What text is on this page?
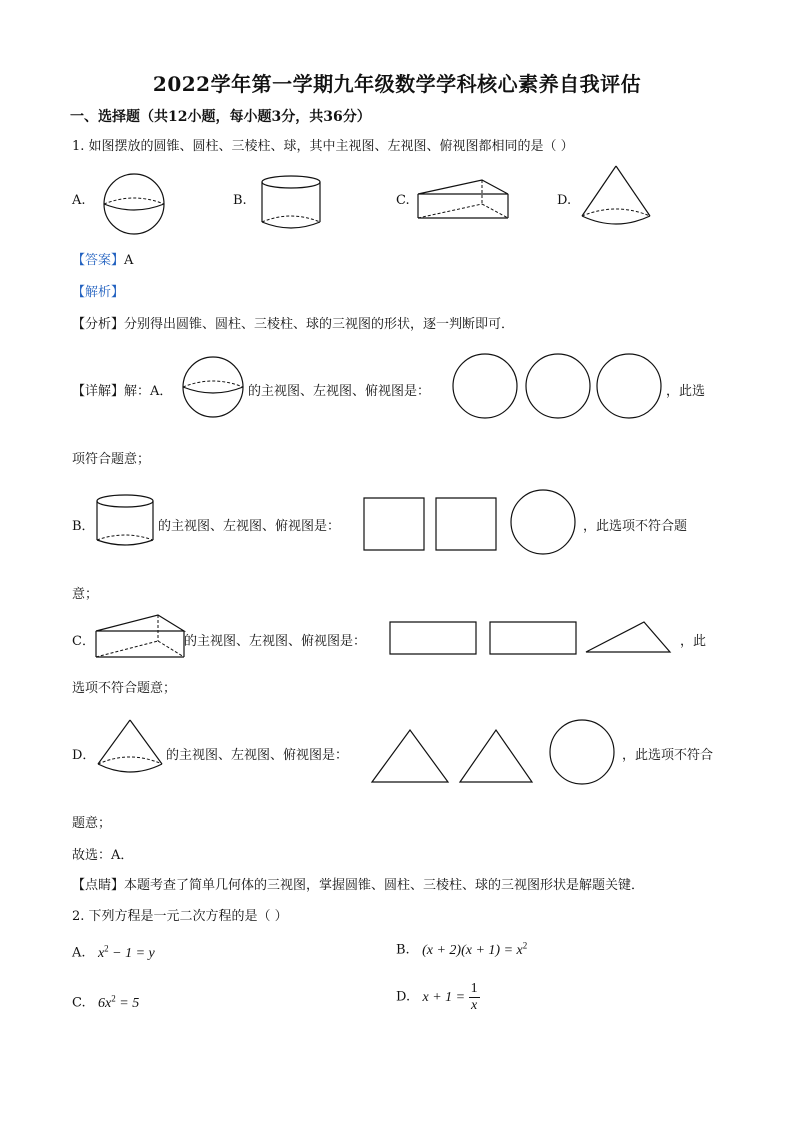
2022学年第一学期九年级数学学科核心素养自我评估
一、选择题（共12小题，每小题3分，共36分）
1. 如图摆放的圆锥、圆柱、三棱柱、球，其中主视图、左视图、俯视图都相同的是（ ）
A.	B.	C.	D.
【答案】A
【解析】
【分析】分别得出圆锥、圆柱、三棱柱、球的三视图的形状，逐一判断即可．
【详解】解：A．	的主视图、左视图、俯视图是：	，此选
项符合题意；
B．	的主视图、左视图、俯视图是：	，此选项不符合题
意；
C．	的主视图、左视图、俯视图是：	，此
选项不符合题意；
D．	的主视图、左视图、俯视图是：	，此选项不符合
题意；
故选：A．
【点睛】本题考查了简单几何体的三视图，掌握圆锥、圆柱、三棱柱、球的三视图形状是解题关键．
2. 下列方程是一元二次方程的是（ ）
A. $x^2 - 1 = y$	B. $(x + 2)(x + 1) = x^2$
C. $6x^2 = 5$	D. $x + 1 = \frac{1}{x}$
